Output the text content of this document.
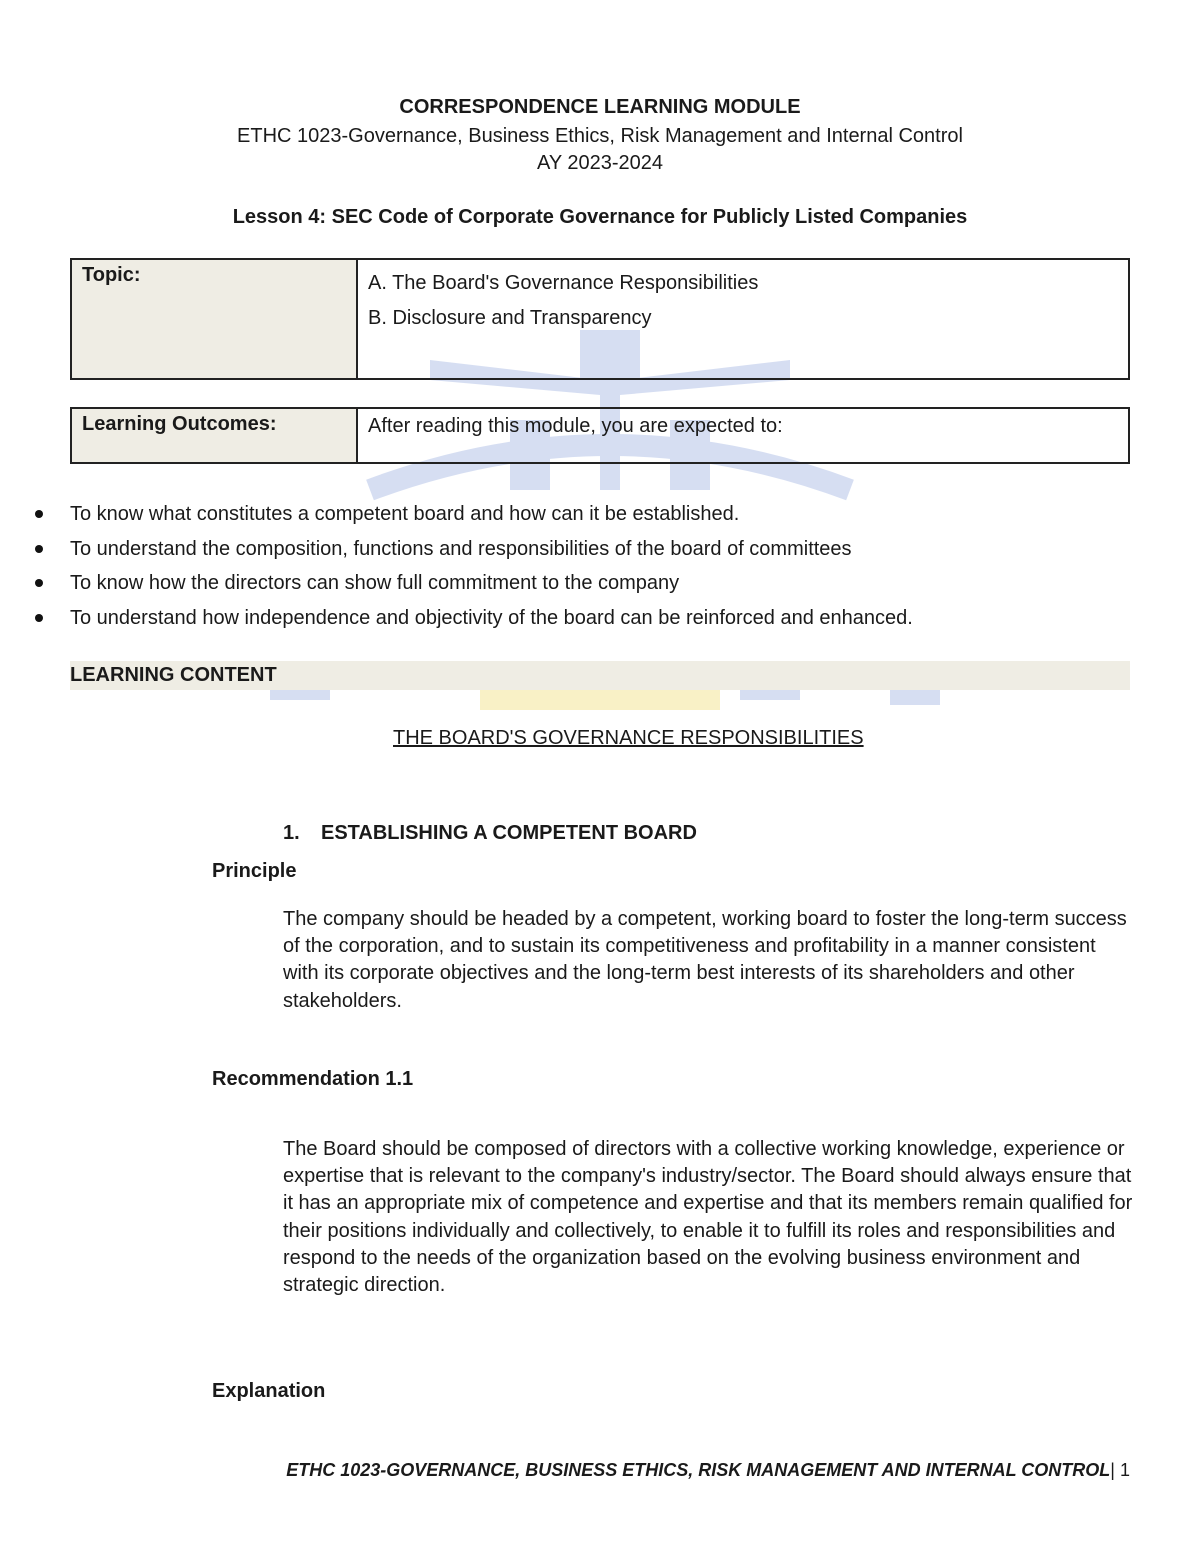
CORRESPONDENCE LEARNING MODULE
ETHC 1023-Governance, Business Ethics, Risk Management and Internal Control
AY 2023-2024
Lesson 4: SEC Code of Corporate Governance for Publicly Listed Companies
Topic:	A. The Board's Governance Responsibilities
B. Disclosure and Transparency
Learning Outcomes:	After reading this module, you are expected to:
To know what constitutes a competent board and how can it be established.
To understand the composition, functions and responsibilities of the board of committees
To know how the directors can show full commitment to the company
To understand how independence and objectivity of the board can be reinforced and enhanced.
LEARNING CONTENT
THE BOARD'S GOVERNANCE RESPONSIBILITIES
1. ESTABLISHING A COMPETENT BOARD
Principle
The company should be headed by a competent, working board to foster the long-term success of the corporation, and to sustain its competitiveness and profitability in a manner consistent with its corporate objectives and the long-term best interests of its shareholders and other stakeholders.
Recommendation 1.1
The Board should be composed of directors with a collective working knowledge, experience or expertise that is relevant to the company's industry/sector. The Board should always ensure that it has an appropriate mix of competence and expertise and that its members remain qualified for their positions individually and collectively, to enable it to fulfill its roles and responsibilities and respond to the needs of the organization based on the evolving business environment and strategic direction.
Explanation
ETHC 1023-GOVERNANCE, BUSINESS ETHICS, RISK MANAGEMENT AND INTERNAL CONTROL| 1
